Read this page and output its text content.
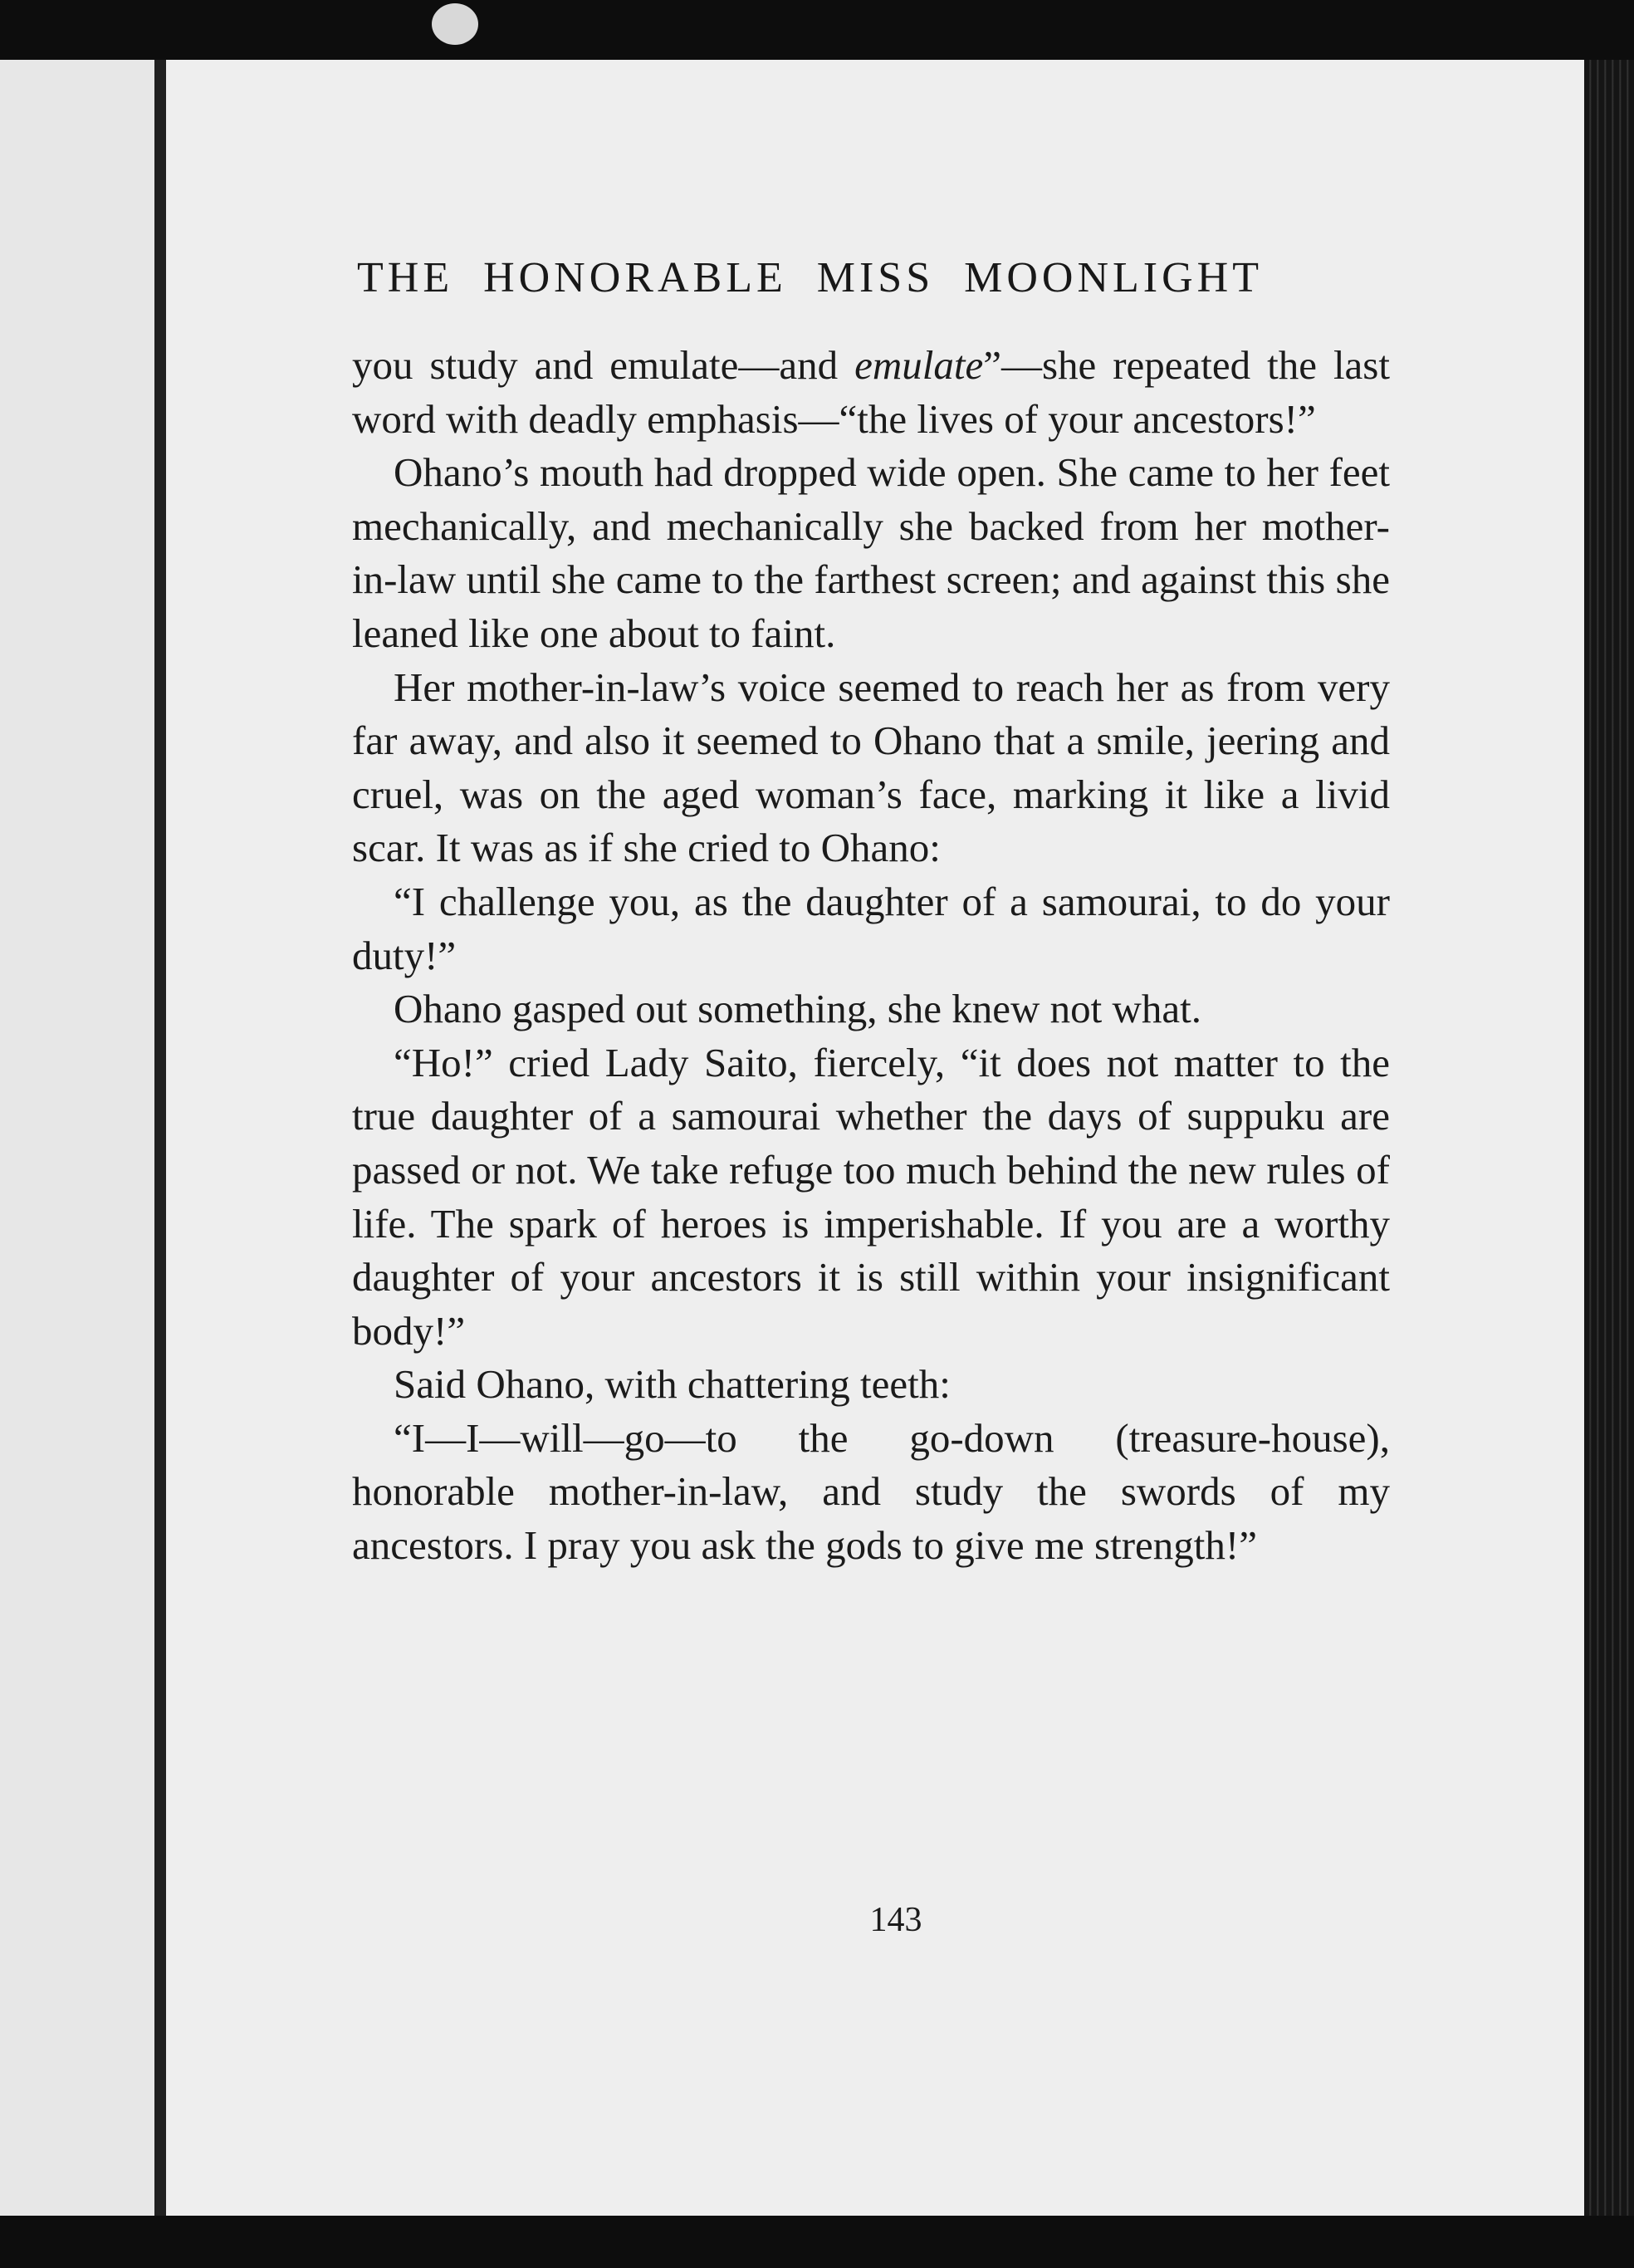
THE HONORABLE MISS MOONLIGHT

you study and emulate—and emulate”—she repeated the last word with deadly emphasis—“the lives of your ancestors!”

Ohano’s mouth had dropped wide open. She came to her feet mechanically, and mechanically she backed from her mother-in-law until she came to the farthest screen; and against this she leaned like one about to faint.

Her mother-in-law’s voice seemed to reach her as from very far away, and also it seemed to Ohano that a smile, jeering and cruel, was on the aged woman’s face, marking it like a livid scar. It was as if she cried to Ohano:

“I challenge you, as the daughter of a samourai, to do your duty!”

Ohano gasped out something, she knew not what.

“Ho!” cried Lady Saito, fiercely, “it does not matter to the true daughter of a samourai whether the days of suppuku are passed or not. We take refuge too much behind the new rules of life. The spark of heroes is imperishable. If you are a worthy daughter of your ancestors it is still within your insignificant body!”

Said Ohano, with chattering teeth:

“I—I—will—go—to the go-down (treasure-house), honorable mother-in-law, and study the swords of my ancestors. I pray you ask the gods to give me strength!”

143
